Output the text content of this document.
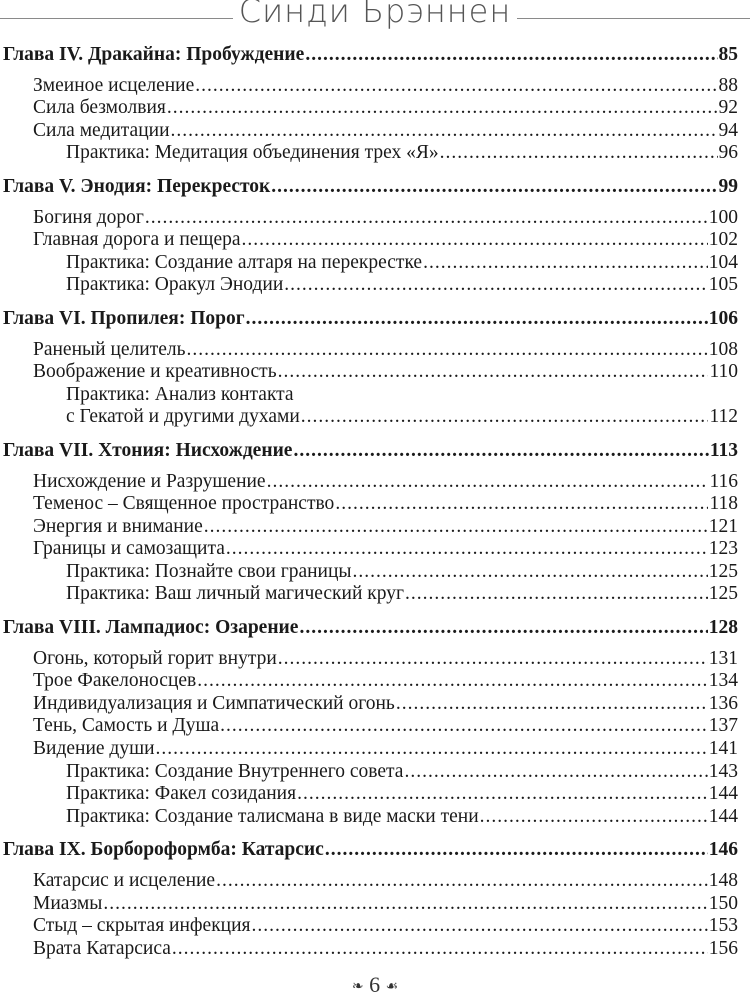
Синди Брэннен
Глава IV. Дракайна: Пробуждение .....	85
Змеиное исцеление .....	88
Сила безмолвия .....	92
Сила медитации .....	94
Практика: Медитация объединения трех «Я» .....	96
Глава V. Энодия: Перекресток .....	99
Богиня дорог .....	100
Главная дорога и пещера .....	102
Практика: Создание алтаря на перекрестке .....	104
Практика: Оракул Энодии .....	105
Глава VI. Пропилея: Порог .....	106
Раненый целитель .....	108
Воображение и креативность .....	110
Практика: Анализ контакта
с Гекатой и другими духами .....	112
Глава VII. Хтония: Нисхождение .....	113
Нисхождение и Разрушение .....	116
Теменос – Священное пространство .....	118
Энергия и внимание .....	121
Границы и самозащита .....	123
Практика: Познайте свои границы .....	125
Практика: Ваш личный магический круг .....	125
Глава VIII. Лампадиос: Озарение .....	128
Огонь, который горит внутри .....	131
Трое Факелоносцев .....	134
Индивидуализация и Симпатический огонь .....	136
Тень, Самость и Душа .....	137
Видение души .....	141
Практика: Создание Внутреннего совета .....	143
Практика: Факел созидания .....	144
Практика: Создание талисмана в виде маски тени .....	144
Глава IX. Борбороформба: Катарсис .....	146
Катарсис и исцеление .....	148
Миазмы .....	150
Стыд – скрытая инфекция .....	153
Врата Катарсиса .....	156
❧ 6 ☙
